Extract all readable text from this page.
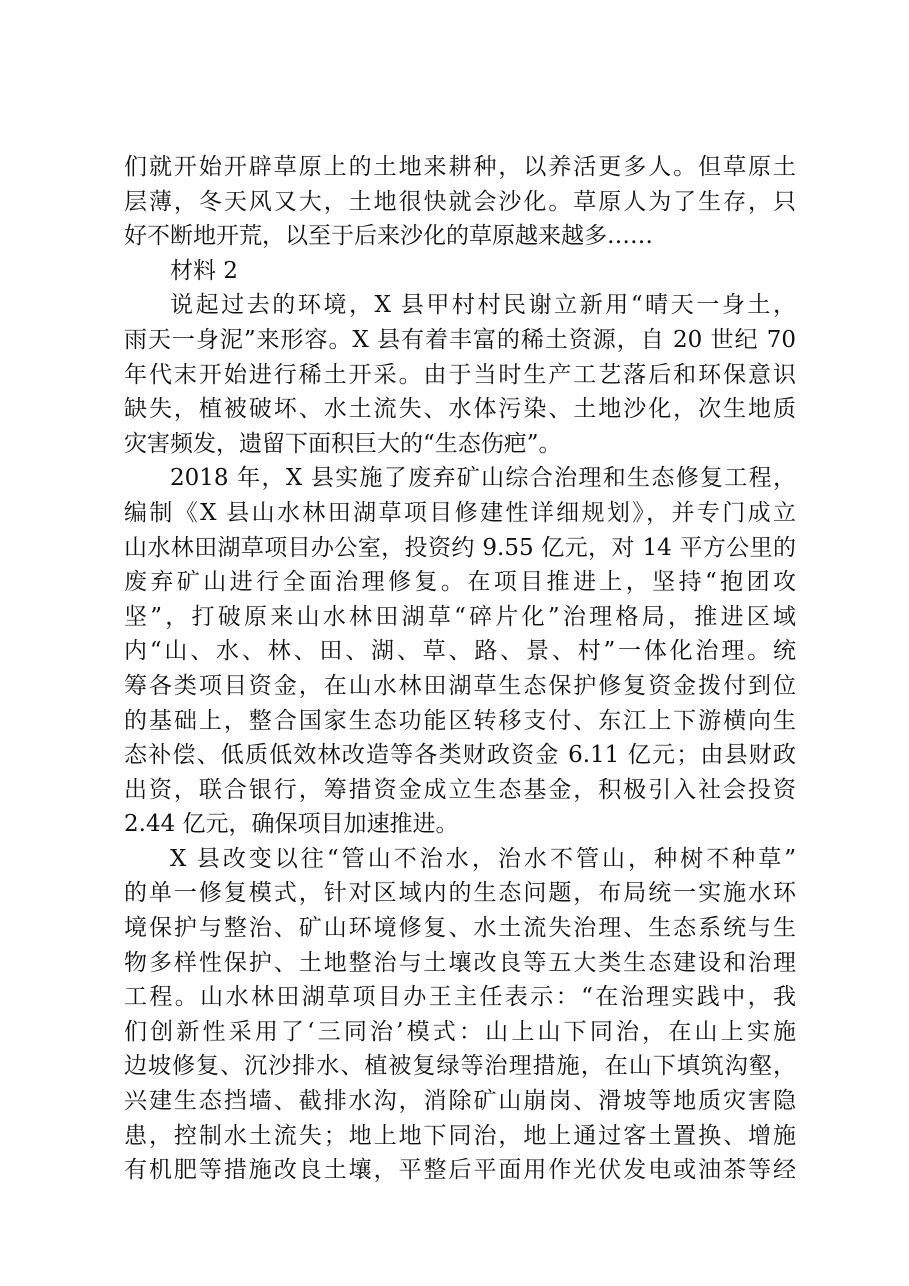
们就开始开辟草原上的土地来耕种，以养活更多人。但草原土
层薄，冬天风又大，土地很快就会沙化。草原人为了生存，只
好不断地开荒，以至于后来沙化的草原越来越多……
材料 2
说起过去的环境，X 县甲村村民谢立新用“晴天一身土，
雨天一身泥”来形容。X 县有着丰富的稀土资源，自 20 世纪 70
年代末开始进行稀土开采。由于当时生产工艺落后和环保意识
缺失，植被破坏、水土流失、水体污染、土地沙化，次生地质
灾害频发，遗留下面积巨大的“生态伤疤”。
2018 年，X 县实施了废弃矿山综合治理和生态修复工程，
编制《X 县山水林田湖草项目修建性详细规划》，并专门成立
山水林田湖草项目办公室，投资约 9.55 亿元，对 14 平方公里的
废弃矿山进行全面治理修复。在项目推进上，坚持“抱团攻
坚”，打破原来山水林田湖草“碎片化”治理格局，推进区域
内“山、水、林、田、湖、草、路、景、村”一体化治理。统
筹各类项目资金，在山水林田湖草生态保护修复资金拨付到位
的基础上，整合国家生态功能区转移支付、东江上下游横向生
态补偿、低质低效林改造等各类财政资金 6.11 亿元；由县财政
出资，联合银行，筹措资金成立生态基金，积极引入社会投资
2.44 亿元，确保项目加速推进。
X 县改变以往“管山不治水，治水不管山，种树不种草”
的单一修复模式，针对区域内的生态问题，布局统一实施水环
境保护与整治、矿山环境修复、水土流失治理、生态系统与生
物多样性保护、土地整治与土壤改良等五大类生态建设和治理
工程。山水林田湖草项目办王主任表示：“在治理实践中，我
们创新性采用了‘三同治’模式：山上山下同治，在山上实施
边坡修复、沉沙排水、植被复绿等治理措施，在山下填筑沟壑，
兴建生态挡墙、截排水沟，消除矿山崩岗、滑坡等地质灾害隐
患，控制水土流失；地上地下同治，地上通过客土置换、增施
有机肥等措施改良土壤，平整后平面用作光伏发电或油茶等经
